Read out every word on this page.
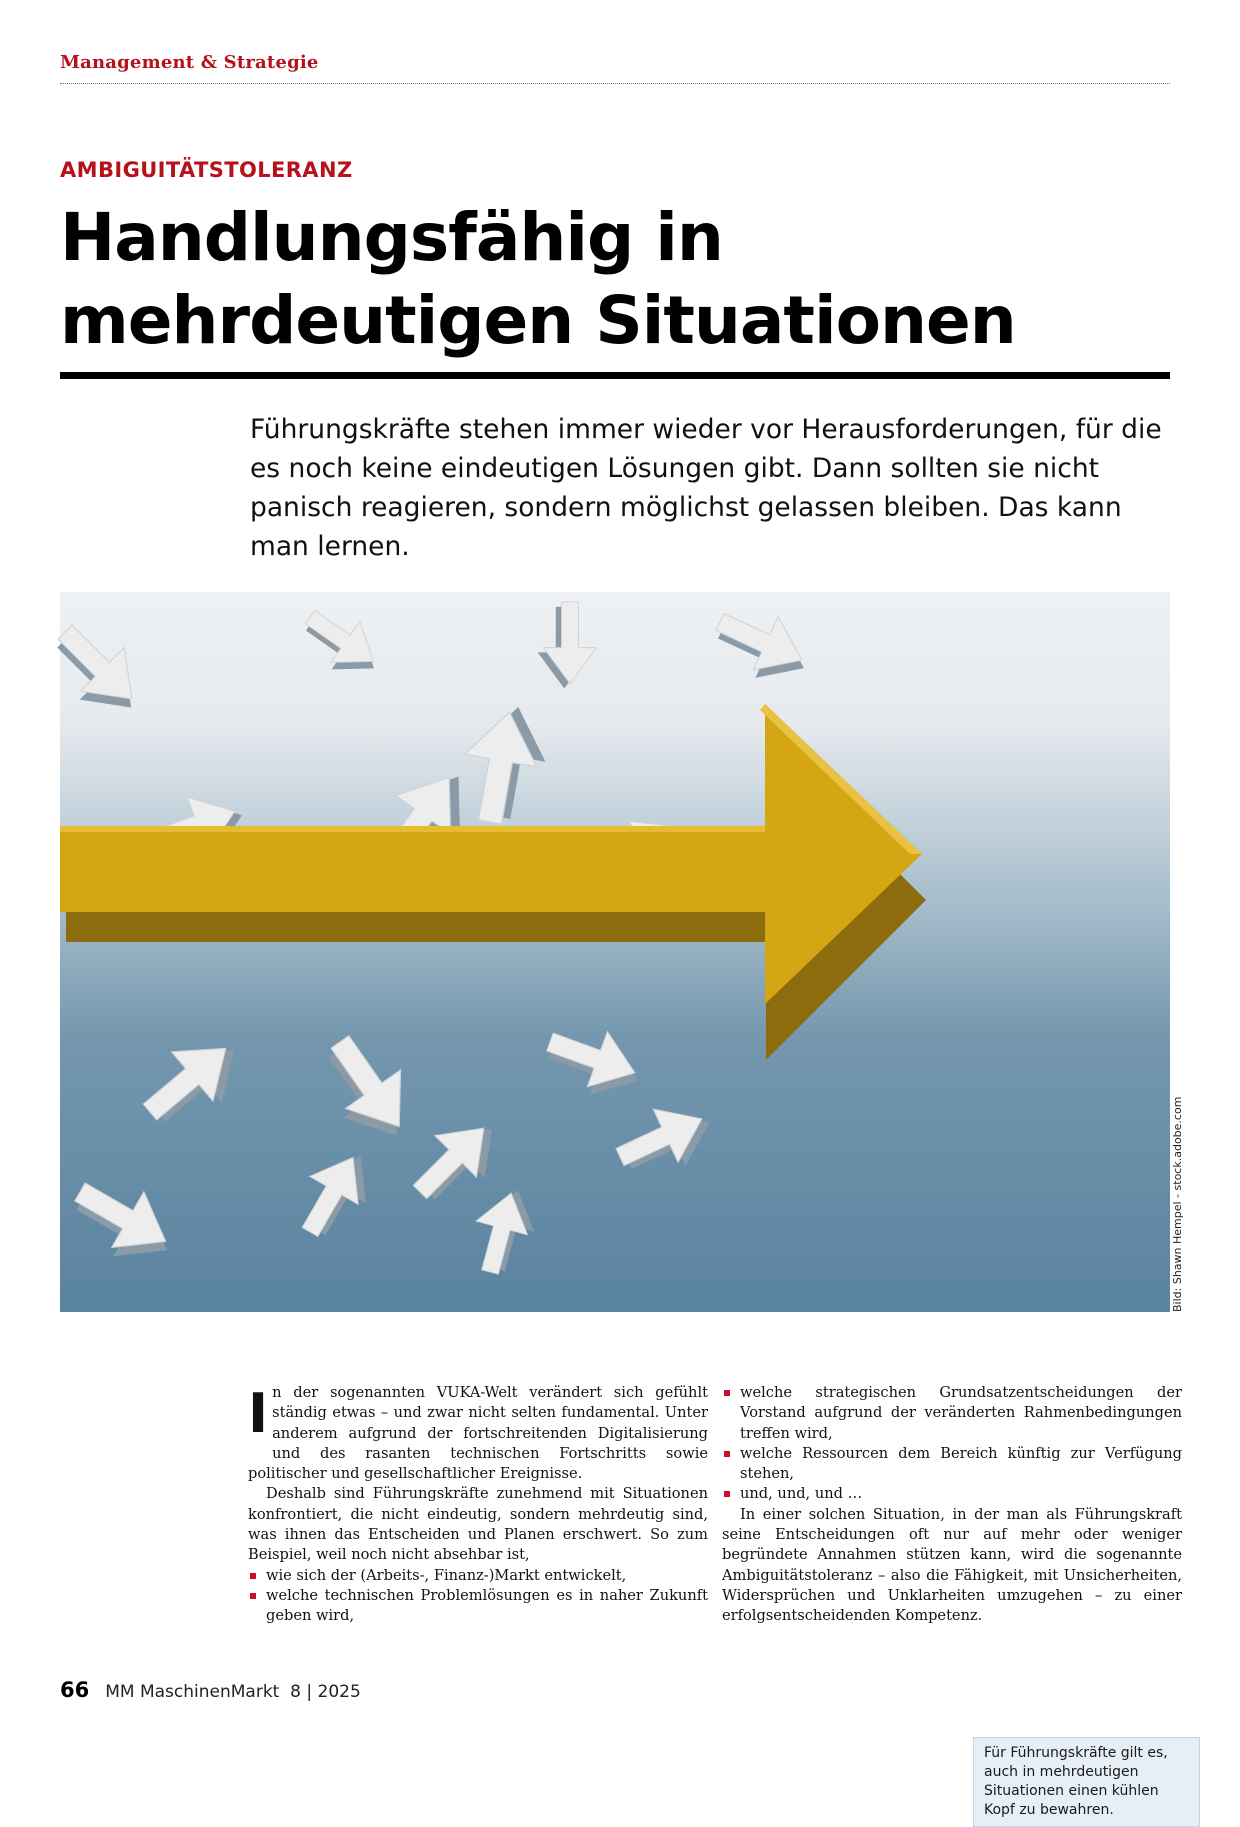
Management & Strategie
AMBIGUITÄTSTOLERANZ
Handlungsfähig in
mehrdeutigen Situationen

Führungskräfte stehen immer wieder vor Herausforderungen, für die es noch keine eindeutigen Lösungen gibt. Dann sollten sie nicht panisch reagieren, sondern möglichst gelassen bleiben. Das kann man lernen.

Für Führungskräfte gilt es, auch in mehrdeutigen Situationen einen kühlen Kopf zu bewahren.
Bild: Shawn Hempel - stock.adobe.com

In der sogenannten VUKA-Welt verändert sich gefühlt ständig etwas – und zwar nicht selten fundamental. Unter anderem aufgrund der fortschreitenden Digitalisierung und des rasanten technischen Fortschritts sowie politischer und gesellschaftlicher Ereignisse.

Deshalb sind Führungskräfte zunehmend mit Situationen konfrontiert, die nicht eindeutig, sondern mehrdeutig sind, was ihnen das Entscheiden und Planen erschwert. So zum Beispiel, weil noch nicht absehbar ist,

wie sich der (Arbeits-, Finanz-)Markt entwickelt,
welche technischen Problemlösungen es in naher Zukunft geben wird,
welche strategischen Grundsatzentscheidungen der Vorstand aufgrund der veränderten Rahmenbedingungen treffen wird,
welche Ressourcen dem Bereich künftig zur Verfügung stehen,
und, und, und …

In einer solchen Situation, in der man als Führungskraft seine Entscheidungen oft nur auf mehr oder weniger begründete Annahmen stützen kann, wird die sogenannte Ambiguitätstoleranz – also die Fähigkeit, mit Unsicherheiten, Widersprüchen und Unklarheiten umzugehen – zu einer erfolgsentscheidenden Kompetenz.

66 MM MaschinenMarkt 8 | 2025
